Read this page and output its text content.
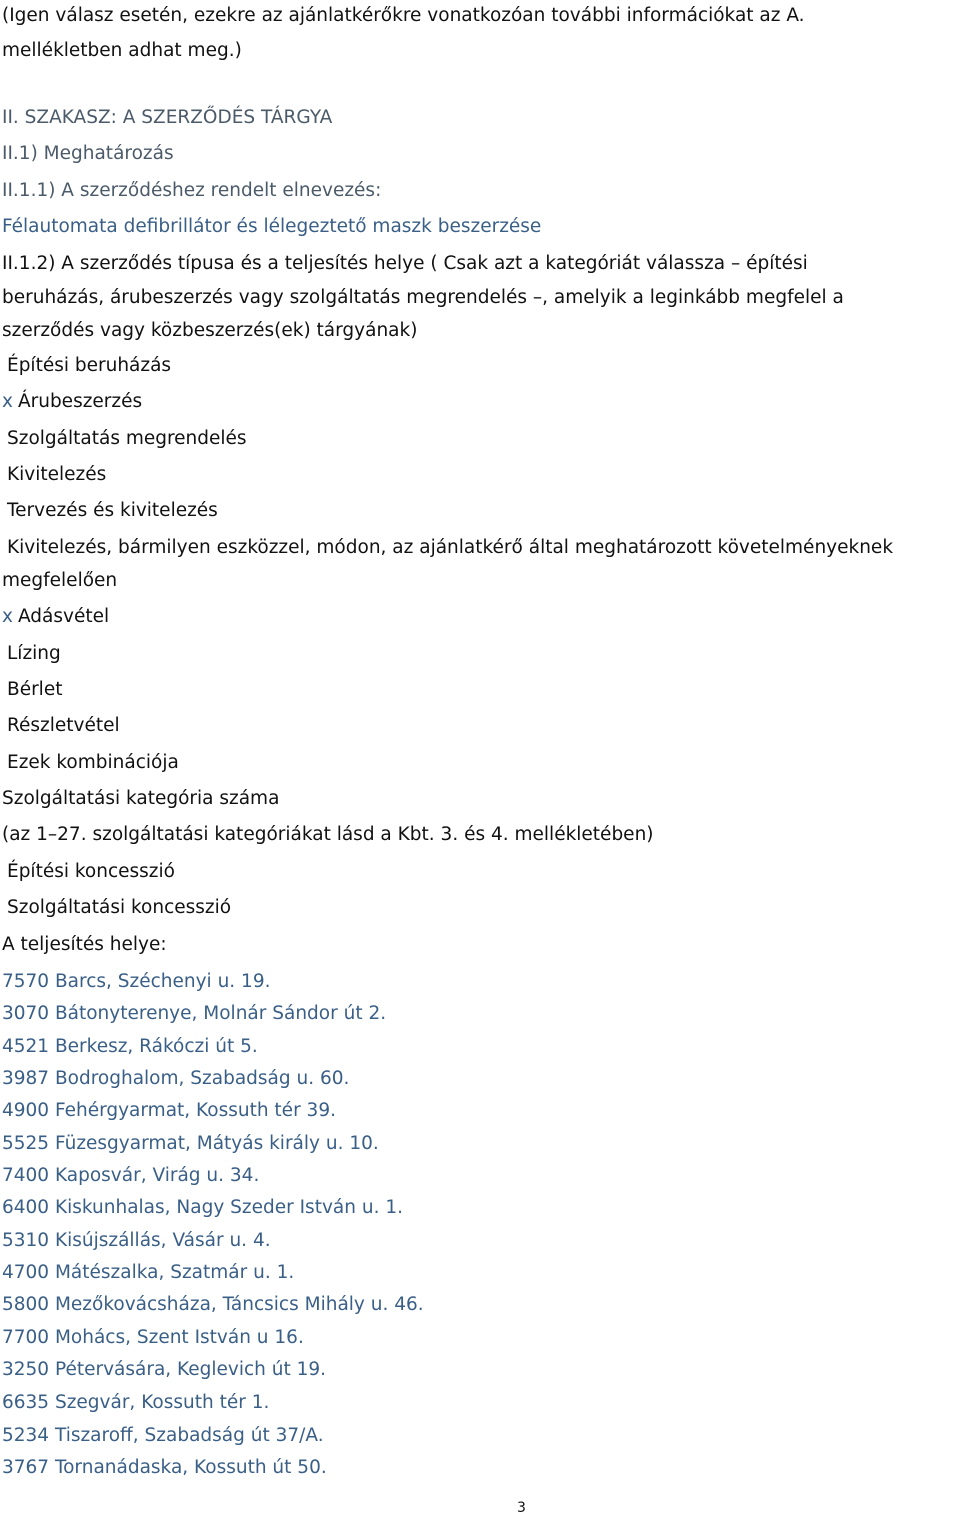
(Igen válasz esetén, ezekre az ajánlatkérőkre vonatkozóan további információkat az A.

mellékletben adhat meg.)

II. SZAKASZ: A SZERZŐDÉS TÁRGYA

II.1) Meghatározás

II.1.1) A szerződéshez rendelt elnevezés:

Félautomata defibrillátor és lélegeztető maszk beszerzése

II.1.2) A szerződés típusa és a teljesítés helye ( Csak azt a kategóriát válassza – építési

beruházás, árubeszerzés vagy szolgáltatás megrendelés –, amelyik a leginkább megfelel a

szerződés vagy közbeszerzés(ek) tárgyának)

Építési beruházás

x Árubeszerzés

Szolgáltatás megrendelés

Kivitelezés

Tervezés és kivitelezés

Kivitelezés, bármilyen eszközzel, módon, az ajánlatkérő által meghatározott követelményeknek

megfelelően

x Adásvétel

Lízing

Bérlet

Részletvétel

Ezek kombinációja

Szolgáltatási kategória száma

(az 1–27. szolgáltatási kategóriákat lásd a Kbt. 3. és 4. mellékletében)

Építési koncesszió

Szolgáltatási koncesszió

A teljesítés helye:

7570 Barcs, Széchenyi u. 19.

3070 Bátonyterenye, Molnár Sándor út 2.

4521 Berkesz, Rákóczi út 5.

3987 Bodroghalom, Szabadság u. 60.

4900 Fehérgyarmat, Kossuth tér 39.

5525 Füzesgyarmat, Mátyás király u. 10.

7400 Kaposvár, Virág u. 34.

6400 Kiskunhalas, Nagy Szeder István u. 1.

5310 Kisújszállás, Vásár u. 4.

4700 Mátészalka, Szatmár u. 1.

5800 Mezőkovácsháza, Táncsics Mihály u. 46.

7700 Mohács, Szent István u 16.

3250 Pétervására, Keglevich út 19.

6635 Szegvár, Kossuth tér 1.

5234 Tiszaroff, Szabadság út 37/A.

3767 Tornanádaska, Kossuth út 50.

3
